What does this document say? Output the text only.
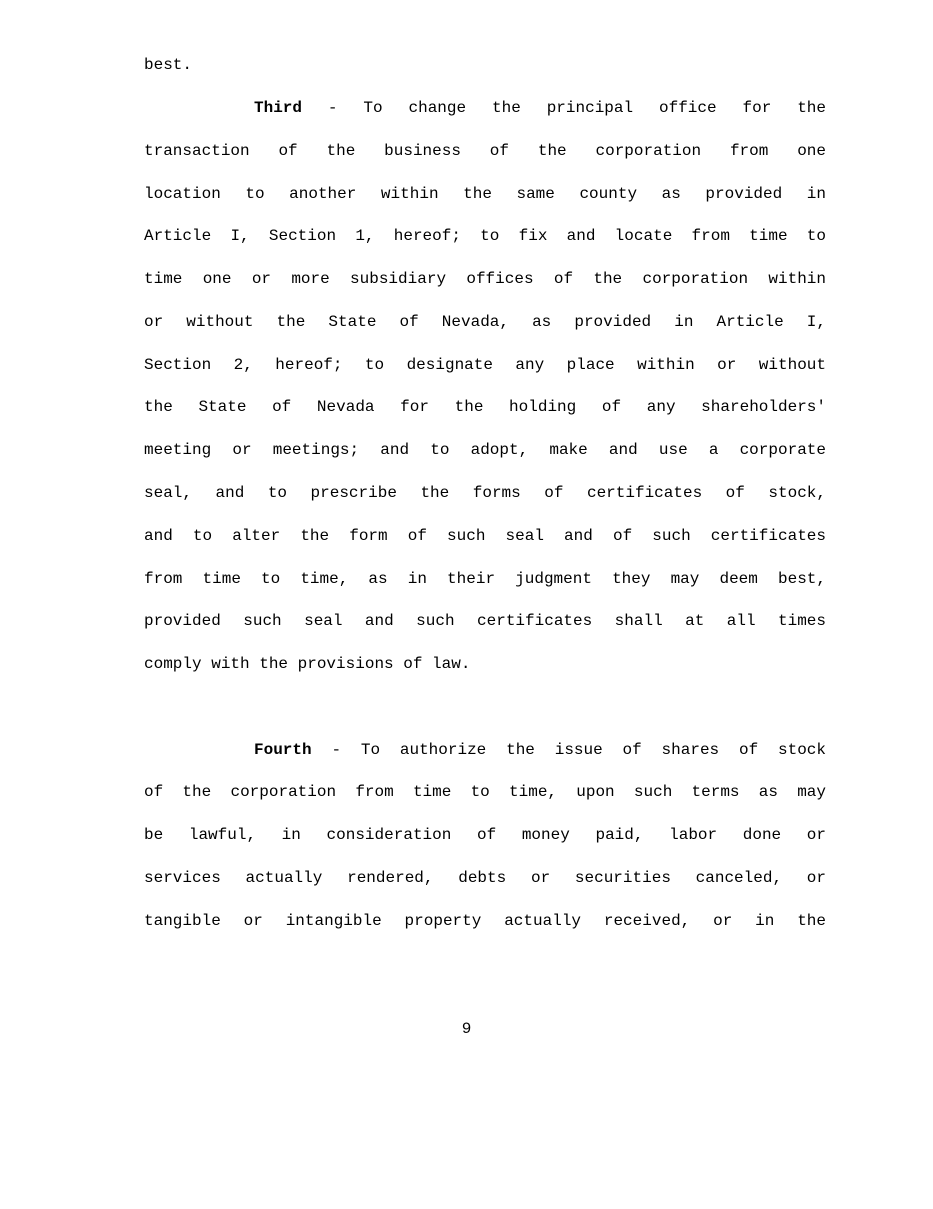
best.
Third - To change the principal office for the
transaction of the business of the corporation from one
location to another within the same county as provided in
Article I, Section 1, hereof; to fix and locate from time to
time one or more subsidiary offices of the corporation within
or without the State of Nevada, as provided in Article I,
Section 2, hereof; to designate any place within or without
the State of Nevada for the holding of any shareholders'
meeting or meetings; and to adopt, make and use a corporate
seal, and to prescribe the forms of certificates of stock,
and to alter the form of such seal and of such certificates
from time to time, as in their judgment they may deem best,
provided such seal and such certificates shall at all times
comply with the provisions of law.
Fourth - To authorize the issue of shares of stock
of the corporation from time to time, upon such terms as may
be lawful, in consideration of money paid, labor done or
services actually rendered, debts or securities canceled, or
tangible or intangible property actually received, or in the
9
